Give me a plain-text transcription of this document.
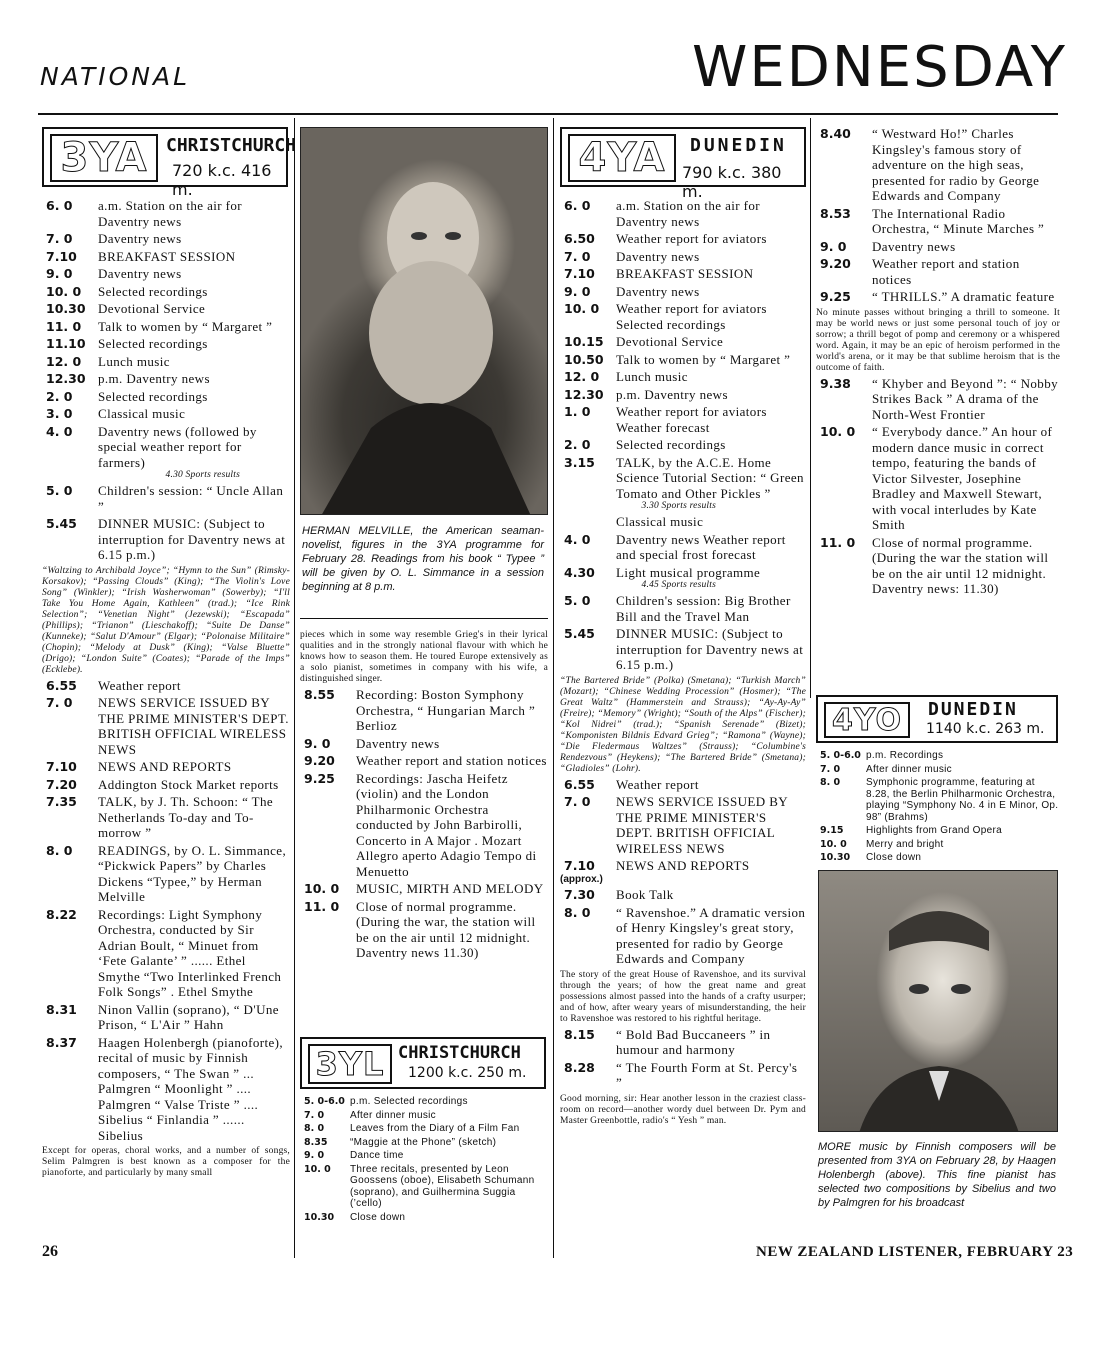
NATIONAL	WEDNESDAY
3YA	CHRISTCHURCH
720 k.c. 416 m.
6. 0	a.m. Station on the air for Daventry news
7. 0	Daventry news
7.10	BREAKFAST SESSION
9. 0	Daventry news
10. 0	Selected recordings
10.30 Devotional Service
11. 0	Talk to women by “ Margaret ”
11.10 Selected recordings
12. 0	Lunch music
12.30 p.m. Daventry news
2. 0	Selected recordings
3. 0	Classical music
4. 0	Daventry news (followed by special weather report for farmers)
4.30 Sports results
5. 0	Children's session: “ Uncle Allan ”
5.45	DINNER MUSIC: (Subject to interruption for Daventry news at 6.15 p.m.)
“Waltzing to Archibald Joyce”; “Hymn to the Sun” (Rimsky-Korsakov); “Passing Clouds” (King); “The Violin's Love Song” (Winkler); “Irish Washerwoman” (Sowerby); “I'll Take You Home Again, Kathleen” (trad.); “Ice Rink Selection”; “Venetian Night” (Jezewski); “Escapada” (Phillips); “Trianon” (Lieschakoff); “Suite De Danse” (Kunneke); “Salut D'Amour” (Elgar); “Polonaise Militaire” (Chopin); “Melody at Dusk” (King); “Valse Bluette” (Drigo); “London Suite” (Coates); “Parade of the Imps” (Ecklebe).
6.55	Weather report
7. 0	NEWS SERVICE ISSUED BY THE PRIME MINISTER'S DEPT. BRITISH OFFICIAL WIRELESS NEWS
7.10	NEWS AND REPORTS
7.20	Addington Stock Market reports
7.35	TALK, by J. Th. Schoon: “ The Netherlands To-day and To-morrow ”
8. 0	READINGS, by O. L. Simmance, “Pickwick Papers” by Charles Dickens “Typee,” by Herman Melville
8.22	Recordings: Light Symphony Orchestra, conducted by Sir Adrian Boult, “ Minuet from ‘Fete Galante’ ” ...... Ethel Smythe “Two Interlinked French Folk Songs” . Ethel Smythe
8.31	Ninon Vallin (soprano), “ D'Une Prison, “ L'Air ” Hahn
8.37	Haagen Holenbergh (pianoforte), recital of music by Finnish composers, “ The Swan ” ... Palmgren “ Moonlight ” .... Palmgren “ Valse Triste ” .... Sibelius “ Finlandia ” ...... Sibelius
Except for operas, choral works, and a number of songs, Selim Palmgren is best known as a composer for the pianoforte, and particularly by many small
HERMAN MELVILLE, the American seaman-novelist, figures in the 3YA programme for February 28. Readings from his book “ Typee ” will be given by O. L. Simmance in a session beginning at 8 p.m.
pieces which in some way resemble Grieg's in their lyrical qualities and in the strongly national flavour with which he knows how to season them. He toured Europe extensively as a solo pianist, sometimes in company with his wife, a distinguished singer.
8.55	Recording: Boston Symphony Orchestra, “ Hungarian March ” Berlioz
9. 0	Daventry news
9.20	Weather report and station notices
9.25	Recordings: Jascha Heifetz (violin) and the London Philharmonic Orchestra conducted by John Barbirolli, Concerto in A Major . Mozart Allegro aperto Adagio Tempo di Menuetto
10. 0	MUSIC, MIRTH AND MELODY
11. 0	Close of normal programme. (During the war, the station will be on the air until 12 midnight. Daventry news 11.30)
3YL CHRISTCHURCH
1200 k.c. 250 m.
5. 0-6.0 p.m. Selected recordings
7. 0	After dinner music
8. 0	Leaves from the Diary of a Film Fan
8.35	“Maggie at the Phone” (sketch)
9. 0	Dance time
10. 0	Three recitals, presented by Leon Goossens (oboe), Elisabeth Schumann (soprano), and Guilhermina Suggia (’cello)
10.30	Close down
4YA	DUNEDIN
790 k.c. 380 m.
6. 0	a.m. Station on the air for Daventry news
6.50	Weather report for aviators
7. 0	Daventry news
7.10	BREAKFAST SESSION
9. 0	Daventry news
10. 0	Weather report for aviators Selected recordings
10.15 Devotional Service
10.50 Talk to women by “ Margaret ”
12. 0	Lunch music
12.30 p.m. Daventry news
1. 0	Weather report for aviators Weather forecast
2. 0	Selected recordings
3.15	TALK, by the A.C.E. Home Science Tutorial Section: “ Green Tomato and Other Pickles ”
3.30 Sports results
Classical music
4. 0	Daventry news Weather report and special frost forecast
4.30	Light musical programme
4.45 Sports results
5. 0	Children's session: Big Brother Bill and the Travel Man
5.45	DINNER MUSIC: (Subject to interruption for Daventry news at 6.15 p.m.)
“The Bartered Bride” (Polka) (Smetana); “Turkish March” (Mozart); “Chinese Wedding Procession” (Hosmer); “The Great Waltz” (Hammerstein and Strauss); “Ay-Ay-Ay” (Freire); “Memory” (Wright); “South of the Alps” (Fischer); “Kol Nidrei” (trad.); “Spanish Serenade” (Bizet); “Komponisten Bildnis Edvard Grieg”; “Ramona” (Wayne); “Die Fledermaus Waltzes” (Strauss); “Columbine's Rendezvous” (Heykens); “The Bartered Bride” (Smetana); “Gladioles” (Lohr).
6.55	Weather report
7. 0	NEWS SERVICE ISSUED BY THE PRIME MINISTER'S DEPT. BRITISH OFFICIAL WIRELESS NEWS
7.10	NEWS AND REPORTS
(approx.)
7.30	Book Talk
8. 0	“ Ravenshoe.” A dramatic version of Henry Kingsley's great story, presented for radio by George Edwards and Company
The story of the great House of Ravenshoe, and its survival through the years; of how the great name and great possessions almost passed into the hands of a crafty usurper; and of how, after weary years of misunderstanding, the heir to Ravenshoe was restored to his rightful heritage.
8.15	“ Bold Bad Buccaneers ” in humour and harmony
8.28	“ The Fourth Form at St. Percy's ”
Good morning, sir: Hear another lesson in the craziest class-room on record—another wordy duel between Dr. Pym and Master Greenbottle, radio's “ Yesh ” man.
8.40	“ Westward Ho!” Charles Kingsley's famous story of adventure on the high seas, presented for radio by George Edwards and Company
8.53	The International Radio Orchestra, “ Minute Marches ”
9. 0	Daventry news
9.20	Weather report and station notices
9.25	“ THRILLS.” A dramatic feature
No minute passes without bringing a thrill to someone. It may be world news or just some personal touch of joy or sorrow; a thrill begot of pomp and ceremony or a whispered word. Again, it may be an epic of heroism performed in the world's arena, or it may be that sublime heroism that is the outcome of faith.
9.38	“ Khyber and Beyond ”: “ Nobby Strikes Back ” A drama of the North-West Frontier
10. 0	“ Everybody dance.” An hour of modern dance music in correct tempo, featuring the bands of Victor Silvester, Josephine Bradley and Maxwell Stewart, with vocal interludes by Kate Smith
11. 0	Close of normal programme. (During the war the station will be on the air until 12 midnight. Daventry news: 11.30)
4YO	DUNEDIN
1140 k.c. 263 m.
5. 0-6.0 p.m. Recordings
7. 0	After dinner music
8. 0	Symphonic programme, featuring at 8.28, the Berlin Philharmonic Orchestra, playing “Symphony No. 4 in E Minor, Op. 98” (Brahms)
9.15	Highlights from Grand Opera
10. 0	Merry and bright
10.30	Close down
MORE music by Finnish composers will be presented from 3YA on February 28, by Haagen Holenbergh (above). This fine pianist has selected two compositions by Sibelius and two by Palmgren for his broadcast
26	NEW ZEALAND LISTENER, FEBRUARY 23
